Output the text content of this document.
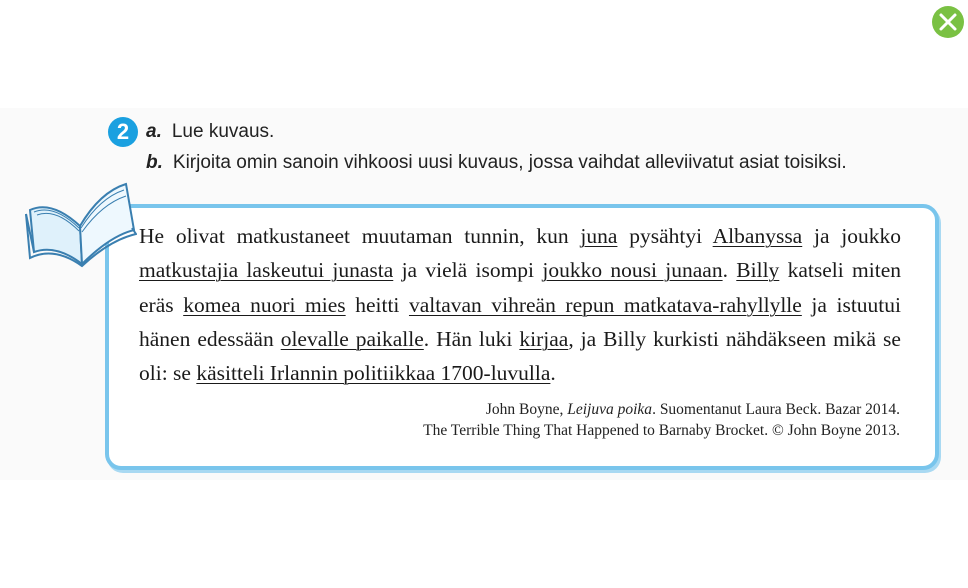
2 a. Lue kuvaus.
b. Kirjoita omin sanoin vihkoosi uusi kuvaus, jossa vaihdat alleviivatut asiat toisiksi.
He olivat matkustaneet muutaman tunnin, kun juna pysähtyi Albanyssa ja joukko matkustajia laskeutui junasta ja vielä isompi joukko nousi junaan. Billy katseli miten eräs komea nuori mies heitti valtavan vihreän repun matkatava-rahyllylle ja istuutui hänen edessään olevalle paikalle. Hän luki kirjaa, ja Billy kurkisti nähdäkseen mikä se oli: se käsitteli Irlannin politiikkaa 1700-luvulla.
John Boyne, Leijuva poika. Suomentanut Laura Beck. Bazar 2014.
The Terrible Thing That Happened to Barnaby Brocket. © John Boyne 2013.
